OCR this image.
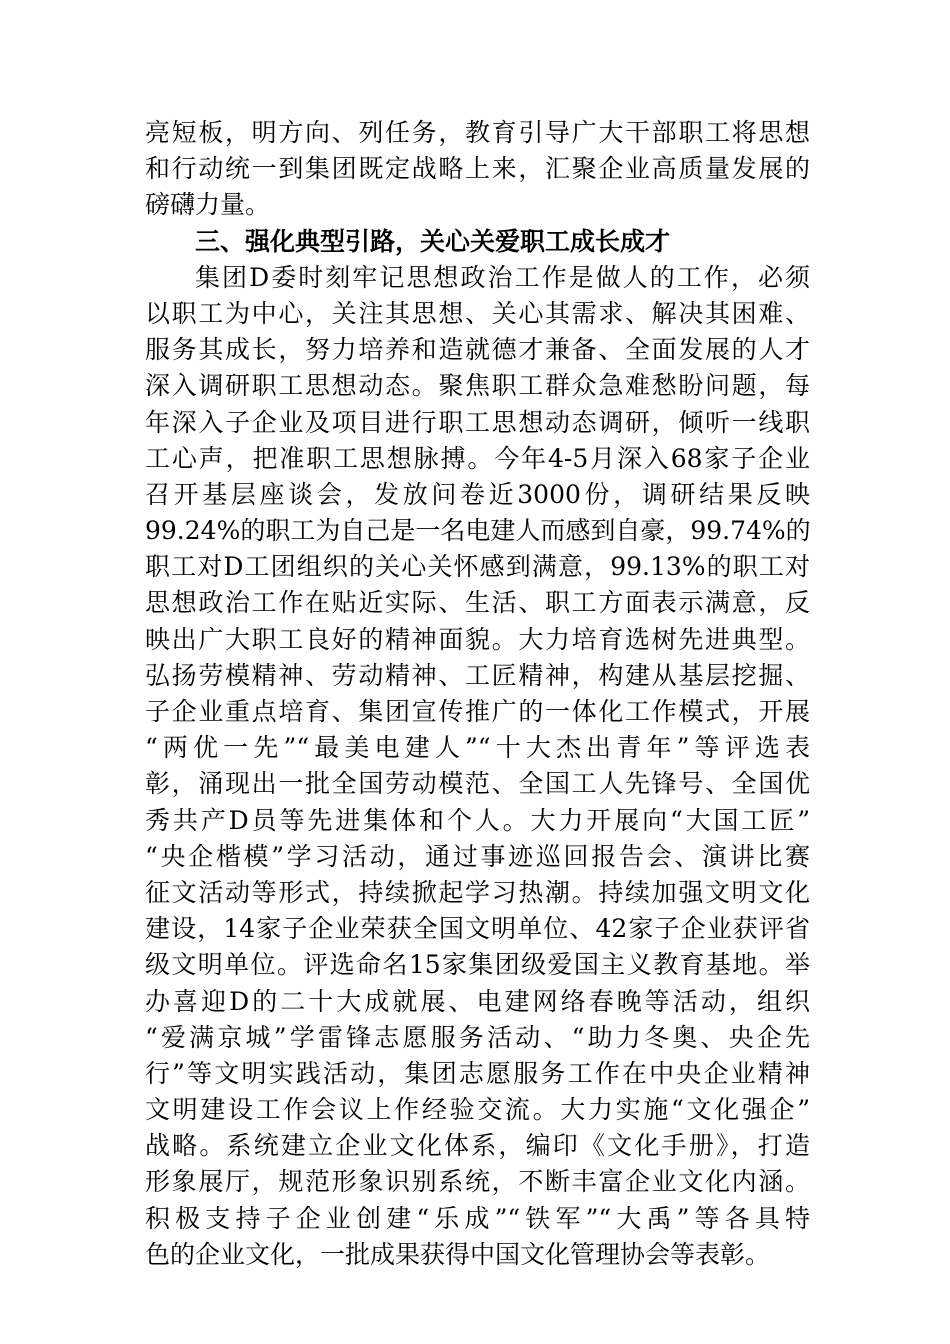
亮短板，明方向、列任务，教育引导广大干部职工将思想
和行动统一到集团既定战略上来，汇聚企业高质量发展的
磅礴力量。
三、强化典型引路，关心关爱职工成长成才
集团D委时刻牢记思想政治工作是做人的工作，必须
以职工为中心，关注其思想、关心其需求、解决其困难、
服务其成长，努力培养和造就德才兼备、全面发展的人才
深入调研职工思想动态。聚焦职工群众急难愁盼问题，每
年深入子企业及项目进行职工思想动态调研，倾听一线职
工心声，把准职工思想脉搏。今年4-5月深入68家子企业
召开基层座谈会，发放问卷近3000份，调研结果反映
99.24%的职工为自己是一名电建人而感到自豪，99.74%的
职工对D工团组织的关心关怀感到满意，99.13%的职工对
思想政治工作在贴近实际、生活、职工方面表示满意，反
映出广大职工良好的精神面貌。大力培育选树先进典型。
弘扬劳模精神、劳动精神、工匠精神，构建从基层挖掘、
子企业重点培育、集团宣传推广的一体化工作模式，开展
“两优一先”“最美电建人”“十大杰出青年”等评选表
彰，涌现出一批全国劳动模范、全国工人先锋号、全国优
秀共产D员等先进集体和个人。大力开展向“大国工匠”
“央企楷模”学习活动，通过事迹巡回报告会、演讲比赛
征文活动等形式，持续掀起学习热潮。持续加强文明文化
建设，14家子企业荣获全国文明单位、42家子企业获评省
级文明单位。评选命名15家集团级爱国主义教育基地。举
办喜迎D的二十大成就展、电建网络春晚等活动，组织
“爱满京城”学雷锋志愿服务活动、“助力冬奥、央企先
行”等文明实践活动，集团志愿服务工作在中央企业精神
文明建设工作会议上作经验交流。大力实施“文化强企”
战略。系统建立企业文化体系，编印《文化手册》，打造
形象展厅，规范形象识别系统，不断丰富企业文化内涵。
积极支持子企业创建“乐成”“铁军”“大禹”等各具特
色的企业文化，一批成果获得中国文化管理协会等表彰。
